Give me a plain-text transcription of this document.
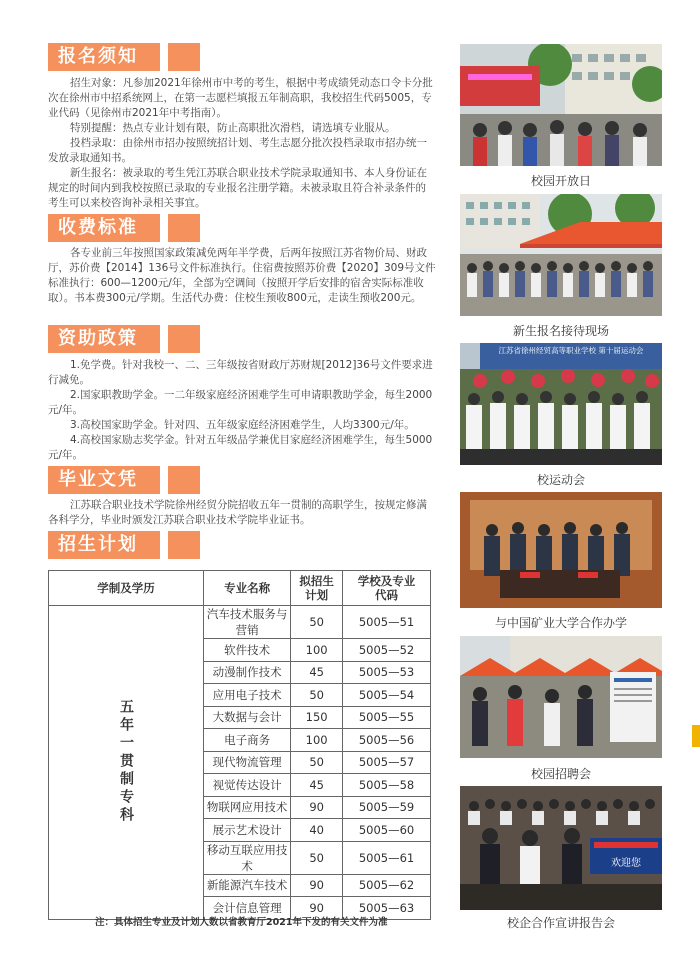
报名须知

招生对象：凡参加2021年徐州市中考的考生，根据中考成绩凭动态口令卡分批次在徐州市中招系统网上，在第一志愿栏填报五年制高职，我校招生代码5005，专业代码（见徐州市2021年中考指南）。

特别提醒：热点专业计划有限，防止高职批次滑档，请选填专业服从。

投档录取：由徐州市招办按照统招计划、考生志愿分批次投档录取市招办统一发放录取通知书。

新生报名：被录取的考生凭江苏联合职业技术学院录取通知书、本人身份证在规定的时间内到我校按照已录取的专业报名注册学籍。未被录取且符合补录条件的考生可以来校咨询补录相关事宜。

收费标准

各专业前三年按照国家政策减免两年半学费，后两年按照江苏省物价局、财政厅，苏价费【2014】136号文件标准执行。住宿费按照苏价费【2020】309号文件标准执行：600—1200元/年，全部为空调间（按照开学后安排的宿舍实际标准收取）。书本费300元/学期。生活代办费：住校生预收800元，走读生预收200元。

资助政策

1.免学费。针对我校一、二、三年级按省财政厅苏财规[2012]36号文件要求进行减免。

2.国家职教助学金。一二年级家庭经济困难学生可申请职教助学金，每生2000元/年。

3.高校国家助学金。针对四、五年级家庭经济困难学生，人均3300元/年。

4.高校国家励志奖学金。针对五年级品学兼优目家庭经济困难学生，每生5000元/年。

毕业文凭

江苏联合职业技术学院徐州经贸分院招收五年一贯制的高职学生，按规定修满各科学分，毕业时颁发江苏联合职业技术学院毕业证书。

招生计划
学制及学历	专业名称	拟招生计划	学校及专业代码
五年一贯制专科	汽车技术服务与营销	50	5005—51
	软件技术	100	5005—52
	动漫制作技术	45	5005—53
	应用电子技术	50	5005—54
	大数据与会计	150	5005—55
	电子商务	100	5005—56
	现代物流管理	50	5005—57
	视觉传达设计	45	5005—58
	物联网应用技术	90	5005—59
	展示艺术设计	40	5005—60
	移动互联应用技术	50	5005—61
	新能源汽车技术	90	5005—62
	会计信息管理	90	5005—63
注：具体招生专业及计划人数以省教育厅2021年下发的有关文件为准
校园开放日
新生报名接待现场
江苏省徐州经贸高等职业学校 第十届运动会
校运动会
与中国矿业大学合作办学
校园招聘会
欢迎您
校企合作宣讲报告会
